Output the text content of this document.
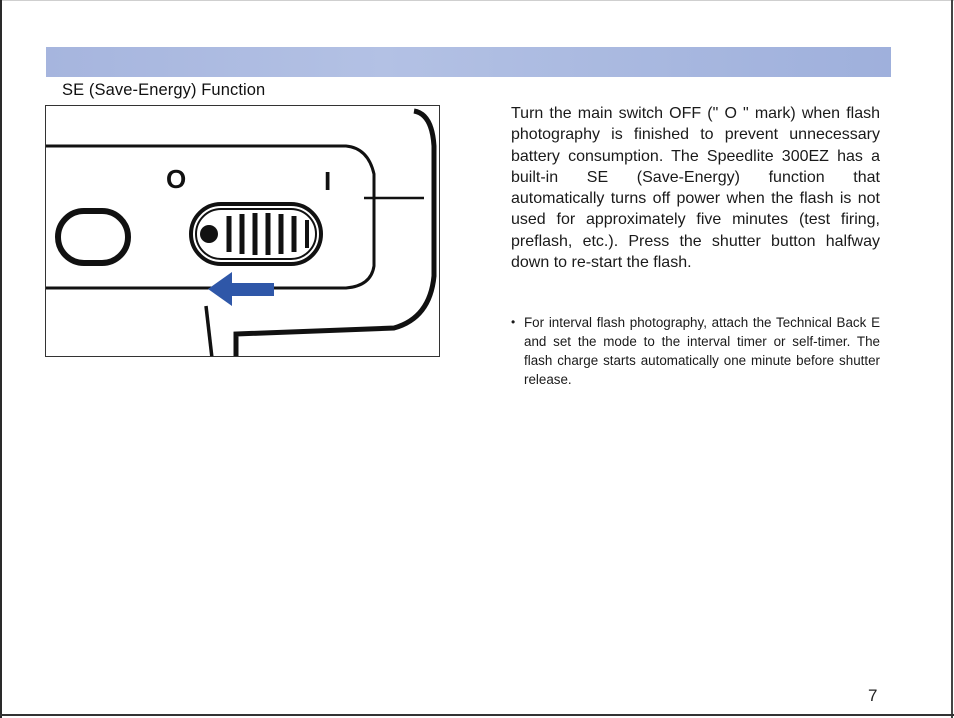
SE (Save-Energy) Function
O	I

Turn the main switch OFF (" O " mark) when flash photography is finished to prevent unnecessary battery consumption. The Speedlite 300EZ has a built-in SE (Save-Energy) function that automatically turns off power when the flash is not used for approximately five minutes (test firing, preflash, etc.). Press the shutter button halfway down to re-start the flash.

• For interval flash photography, attach the Technical Back E and set the mode to the interval timer or self-timer. The flash charge starts automatically one minute before shutter release.
7
